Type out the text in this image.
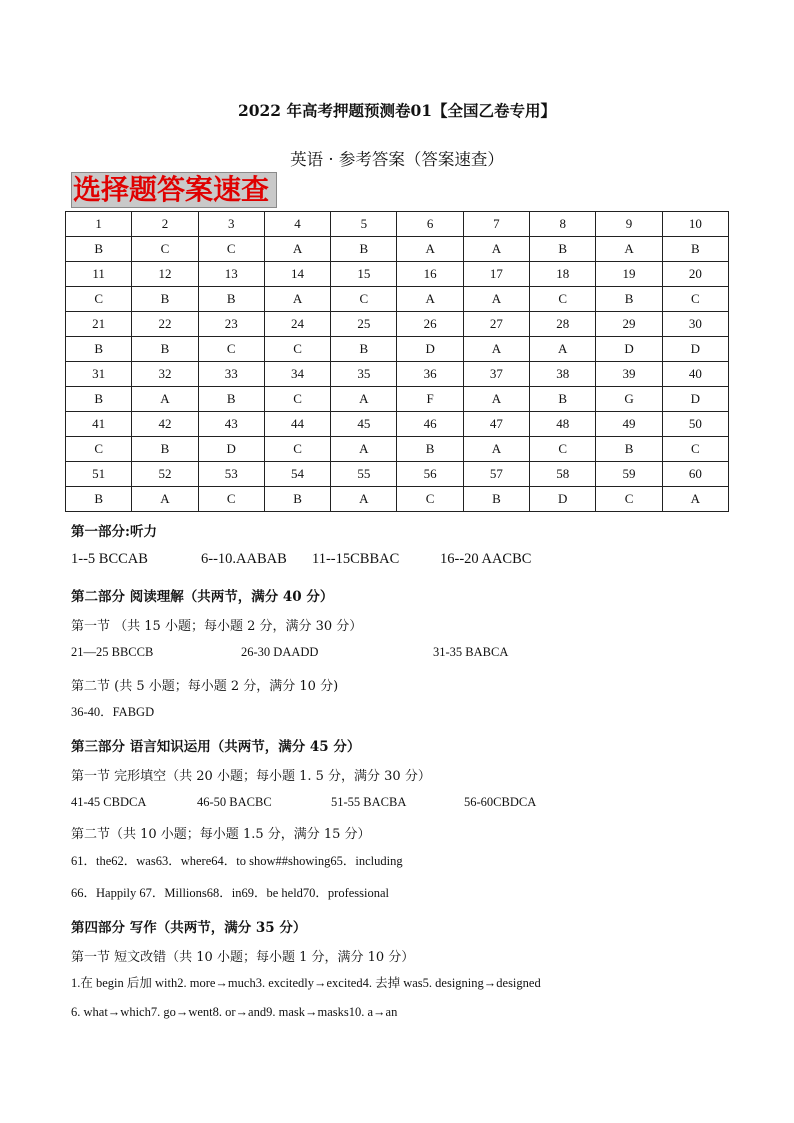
2022 年高考押题预测卷01【全国乙卷专用】
英语 · 参考答案（答案速查）
选择题答案速查
1	2	3	4	5	6	7	8	9	10
B	C	C	A	B	A	A	B	A	B
11	12	13	14	15	16	17	18	19	20
C	B	B	A	C	A	A	C	B	C
21	22	23	24	25	26	27	28	29	30
B	B	C	C	B	D	A	A	D	D
31	32	33	34	35	36	37	38	39	40
B	A	B	C	A	F	A	B	G	D
41	42	43	44	45	46	47	48	49	50
C	B	D	C	A	B	A	C	B	C
51	52	53	54	55	56	57	58	59	60
B	A	C	B	A	C	B	D	C	A
第一部分:听力
1--5 BCCAB	6--10.AABAB 11--15CBBAC	16--20 AACBC
第二部分 阅读理解（共两节，满分 40 分）
第一节 （共 15 小题；每小题 2 分，满分 30 分）
21—25 BBCCB	26-30 DAADD	31-35 BABCA
第二节 (共 5 小题；每小题 2 分，满分 10 分)
36-40．FABGD
第三部分 语言知识运用（共两节，满分 45 分）
第一节 完形填空（共 20 小题；每小题 1. 5 分，满分 30 分）
41-45 CBDCA	46-50 BACBC	51-55 BACBA	56-60CBDCA
第二节（共 10 小题；每小题 1.5 分，满分 15 分）
61．the62．was63．where64．to show##showing65．including
66．Happily 67．Millions68．in69．be held70．professional
第四部分 写作（共两节，满分 35 分）
第一节 短文改错（共 10 小题；每小题 1 分，满分 10 分）
1.在 begin 后加 with2. more→much3. excitedly→excited4. 去掉 was5. designing→designed
6. what→which7. go→went8. or→and9. mask→masks10. a→an
